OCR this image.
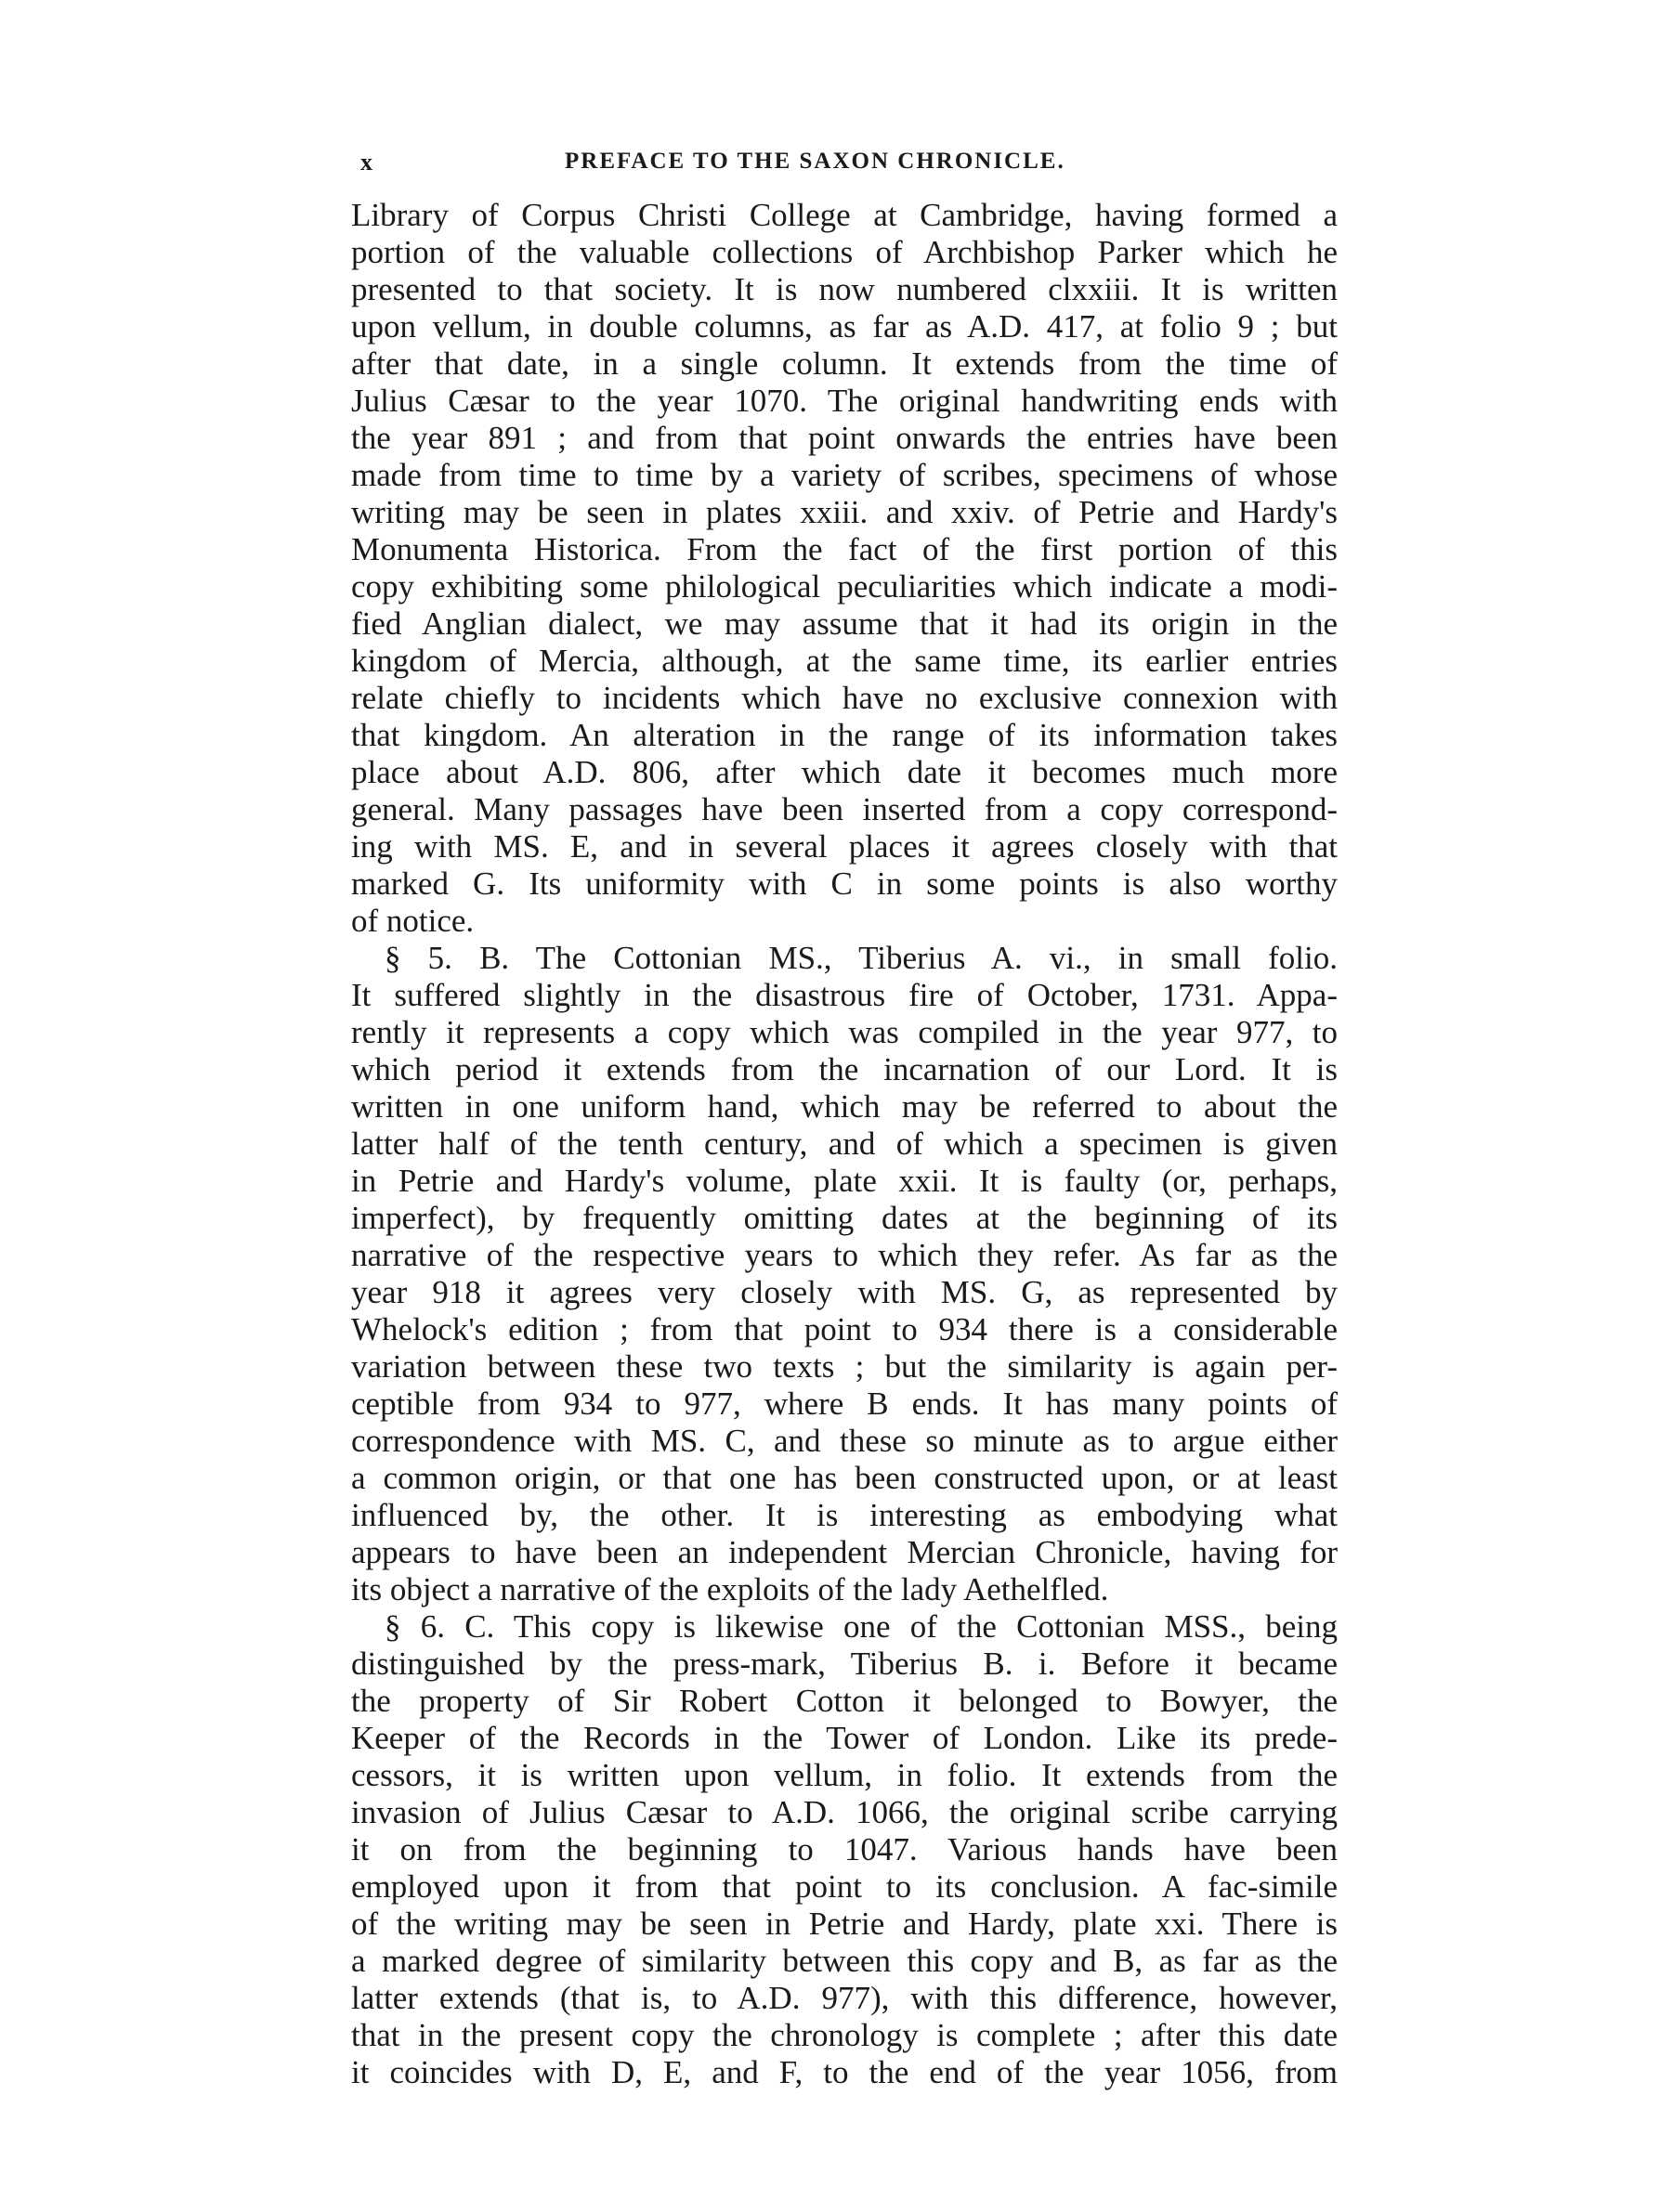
x	PREFACE TO THE SAXON CHRONICLE.
Library of Corpus Christi College at Cambridge, having formed a
portion of the valuable collections of Archbishop Parker which he
presented to that society. It is now numbered clxxiii. It is written
upon vellum, in double columns, as far as A.D. 417, at folio 9 ; but
after that date, in a single column. It extends from the time of
Julius Cæsar to the year 1070. The original handwriting ends with
the year 891 ; and from that point onwards the entries have been
made from time to time by a variety of scribes, specimens of whose
writing may be seen in plates xxiii. and xxiv. of Petrie and Hardy's
Monumenta Historica. From the fact of the first portion of this
copy exhibiting some philological peculiarities which indicate a modi-
fied Anglian dialect, we may assume that it had its origin in the
kingdom of Mercia, although, at the same time, its earlier entries
relate chiefly to incidents which have no exclusive connexion with
that kingdom. An alteration in the range of its information takes
place about A.D. 806, after which date it becomes much more
general. Many passages have been inserted from a copy correspond-
ing with MS. E, and in several places it agrees closely with that
marked G. Its uniformity with C in some points is also worthy
of notice.
§ 5. B. The Cottonian MS., Tiberius A. vi., in small folio.
It suffered slightly in the disastrous fire of October, 1731. Appa-
rently it represents a copy which was compiled in the year 977, to
which period it extends from the incarnation of our Lord. It is
written in one uniform hand, which may be referred to about the
latter half of the tenth century, and of which a specimen is given
in Petrie and Hardy's volume, plate xxii. It is faulty (or, perhaps,
imperfect), by frequently omitting dates at the beginning of its
narrative of the respective years to which they refer. As far as the
year 918 it agrees very closely with MS. G, as represented by
Whelock's edition ; from that point to 934 there is a considerable
variation between these two texts ; but the similarity is again per-
ceptible from 934 to 977, where B ends. It has many points of
correspondence with MS. C, and these so minute as to argue either
a common origin, or that one has been constructed upon, or at least
influenced by, the other. It is interesting as embodying what
appears to have been an independent Mercian Chronicle, having for
its object a narrative of the exploits of the lady Aethelfled.
§ 6. C. This copy is likewise one of the Cottonian MSS., being
distinguished by the press-mark, Tiberius B. i. Before it became
the property of Sir Robert Cotton it belonged to Bowyer, the
Keeper of the Records in the Tower of London. Like its prede-
cessors, it is written upon vellum, in folio. It extends from the
invasion of Julius Cæsar to A.D. 1066, the original scribe carrying
it on from the beginning to 1047. Various hands have been
employed upon it from that point to its conclusion. A fac-simile
of the writing may be seen in Petrie and Hardy, plate xxi. There is
a marked degree of similarity between this copy and B, as far as the
latter extends (that is, to A.D. 977), with this difference, however,
that in the present copy the chronology is complete ; after this date
it coincides with D, E, and F, to the end of the year 1056, from
